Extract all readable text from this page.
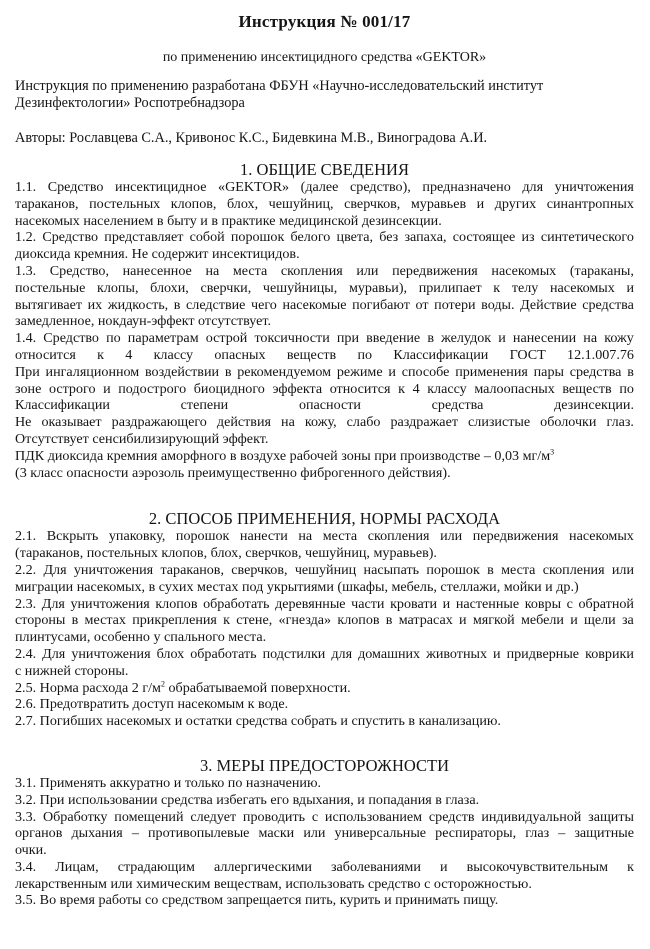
Инструкция № 001/17
по применению инсектицидного средства «GEKTOR»
Инструкция по применению разработана ФБУН «Научно-исследовательский институт
Дезинфектологии» Роспотребнадзора
Авторы: Рославцева С.А., Кривонос К.С., Бидевкина М.В., Виноградова А.И.
1. ОБЩИЕ СВЕДЕНИЯ

1.1. Средство инсектицидное «GEKTOR» (далее средство), предназначено для уничтожения
тараканов, постельных клопов, блох, чешуйниц, сверчков, муравьев и других синантропных
насекомых населением в быту и в практике медицинской дезинсекции.

1.2. Средство представляет собой порошок белого цвета, без запаха, состоящее из синтетического
диоксида кремния. Не содержит инсектицидов.

1.3. Средство, нанесенное на места скопления или передвижения насекомых (тараканы,
постельные клопы, блохи, сверчки, чешуйницы, муравьи), прилипает к телу насекомых и
вытягивает их жидкость, в следствие чего насекомые погибают от потери воды. Действие средства
замедленное, нокдаун-эффект отсутствует.

1.4. Средство по параметрам острой токсичности при введение в желудок и нанесении на кожу
относится к 4 классу опасных веществ по Классификации ГОСТ 12.1.007.76
При ингаляционном воздействии в рекомендуемом режиме и способе применения пары средства в
зоне острого и подострого биоцидного эффекта относится к 4 классу малоопасных веществ по
Классификации	степени	опасности	средства	дезинсекции.
Не оказывает раздражающего действия на кожу, слабо раздражает слизистые оболочки глаз.
Отсутствует сенсибилизирующий эффект.

ПДК диоксида кремния аморфного в воздухе рабочей зоны при производстве – 0,03 $мг/м^3$
(3 класс опасности аэрозоль преимущественно фиброгенного действия).

2. СПОСОБ ПРИМЕНЕНИЯ, НОРМЫ РАСХОДА

2.1. Вскрыть упаковку, порошок нанести на места скопления или передвижения насекомых
(тараканов, постельных клопов, блох, сверчков, чешуйниц, муравьев).

2.2. Для уничтожения тараканов, сверчков, чешуйниц насыпать порошок в места скопления или
миграции насекомых, в сухих местах под укрытиями (шкафы, мебель, стеллажи, мойки и др.)

2.3. Для уничтожения клопов обработать деревянные части кровати и настенные ковры с обратной
стороны в местах прикрепления к стене, «гнезда» клопов в матрасах и мягкой мебели и щели за
плинтусами, особенно у спального места.

2.4. Для уничтожения блох обработать подстилки для домашних животных и придверные коврики
с нижней стороны.

2.5. Норма расхода 2 $г/м^2$ обрабатываемой поверхности.

2.6. Предотвратить доступ насекомым к воде.

2.7. Погибших насекомых и остатки средства собрать и спустить в канализацию.

3. МЕРЫ ПРЕДОСТОРОЖНОСТИ

3.1. Применять аккуратно и только по назначению.

3.2. При использовании средства избегать его вдыхания, и попадания в глаза.

3.3. Обработку помещений следует проводить с использованием средств индивидуальной защиты
органов дыхания – противопылевые маски или универсальные респираторы, глаз – защитные
очки.

3.4. Лицам, страдающим аллергическими заболеваниями и высокочувствительным к
лекарственным или химическим веществам, использовать средство с осторожностью.

3.5. Во время работы со средством запрещается пить, курить и принимать пищу.
